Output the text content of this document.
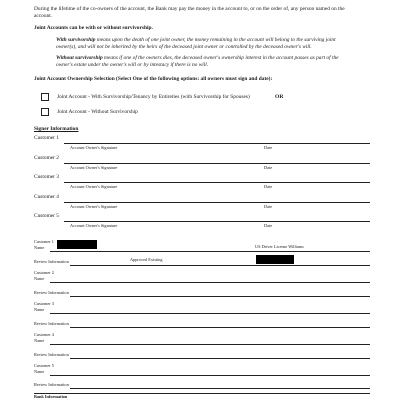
During the lifetime of the co-owners of the account, the Bank may pay the money in the account to, or on the order of, any person named on the
account.
Joint Accounts can be with or without survivorship.
With survivorship means upon the death of one joint owner, the money remaining in the account will belong to the surviving joint
owner(s), and will not be inherited by the heirs of the deceased joint owner or controlled by the deceased owner's will.
Without survivorship means if one of the owners dies, the deceased owner's ownership interest in the account passes as part of the
owner's estate under the owner's will or by intestacy if there is no will.
Joint Account Ownership Selection (Select One of the following options: all owners must sign and date):
Joint Account - With Survivorship/Tenancy by Entireties (with Survivorship for Spouses)	OR
Joint Account - Without Survivorship
Signer Information
Customer 1
Account Owner's Signature	Date
Customer 2
Account Owner's Signature	Date
Customer 3
Account Owner's Signature	Date
Customer 4
Account Owner's Signature	Date
Customer 5
Account Owner's Signature	Date
Customer 1
Name	US Driver License Williams
Review Information	Approved Existing
Customer 2
Name
Review Information
Customer 3
Name
Review Information
Customer 4
Name
Review Information
Customer 5
Name
Review Information
Bank Information
